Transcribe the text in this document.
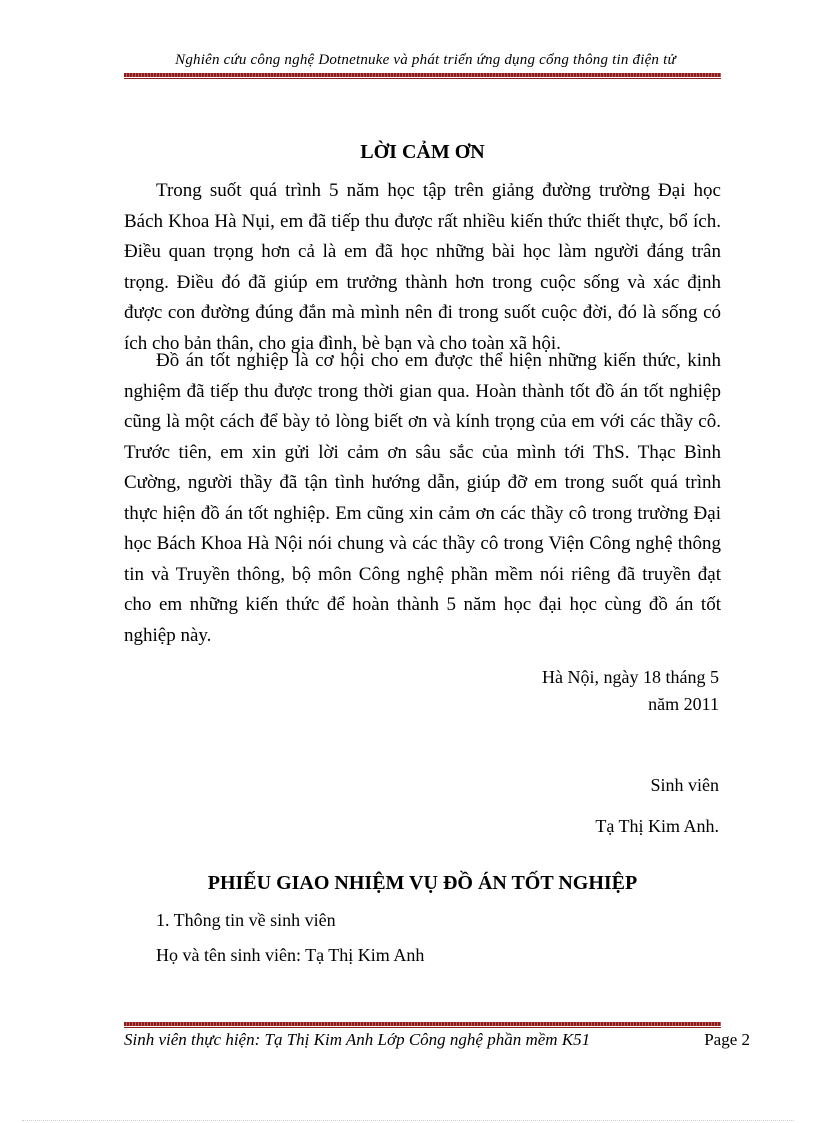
Nghiên cứu công nghệ Dotnetnuke và phát triển ứng dụng cổng thông tin điện tử
LỜI CẢM ƠN

Trong suốt quá trình 5 năm học tập trên giảng đường trường Đại học Bách Khoa Hà Nụi, em đã tiếp thu được rất nhiều kiến thức thiết thực, bổ ích. Điều quan trọng hơn cả là em đã học những bài học làm người đáng trân trọng. Điều đó đã giúp em trưởng thành hơn trong cuộc sống và xác định được con đường đúng đắn mà mình nên đi trong suốt cuộc đời, đó là sống có ích cho bản thân, cho gia đình, bè bạn và cho toàn xã hội.

Đồ án tốt nghiệp là cơ hội cho em được thể hiện những kiến thức, kinh nghiệm đã tiếp thu được trong thời gian qua. Hoàn thành tốt đồ án tốt nghiệp cũng là một cách để bày tỏ lòng biết ơn và kính trọng của em với các thầy cô. Trước tiên, em xin gửi lời cảm ơn sâu sắc của mình tới ThS. Thạc Bình Cường, người thầy đã tận tình hướng dẫn, giúp đỡ em trong suốt quá trình thực hiện đồ án tốt nghiệp. Em cũng xin cảm ơn các thầy cô trong trường Đại học Bách Khoa Hà Nội nói chung và các thầy cô trong Viện Công nghệ thông tin và Truyền thông, bộ môn Công nghệ phần mềm nói riêng đã truyền đạt cho em những kiến thức để hoàn thành 5 năm học đại học cùng đồ án tốt nghiệp này.

Hà Nội, ngày 18 tháng 5
năm 2011
Sinh viên
Tạ Thị Kim Anh.
PHIẾU GIAO NHIỆM VỤ ĐỒ ÁN TỐT NGHIỆP
1. Thông tin về sinh viên
Họ và tên sinh viên: Tạ Thị Kim Anh
Sinh viên thực hiện: Tạ Thị Kim Anh Lớp Công nghệ phần mềm K51	Page 2
